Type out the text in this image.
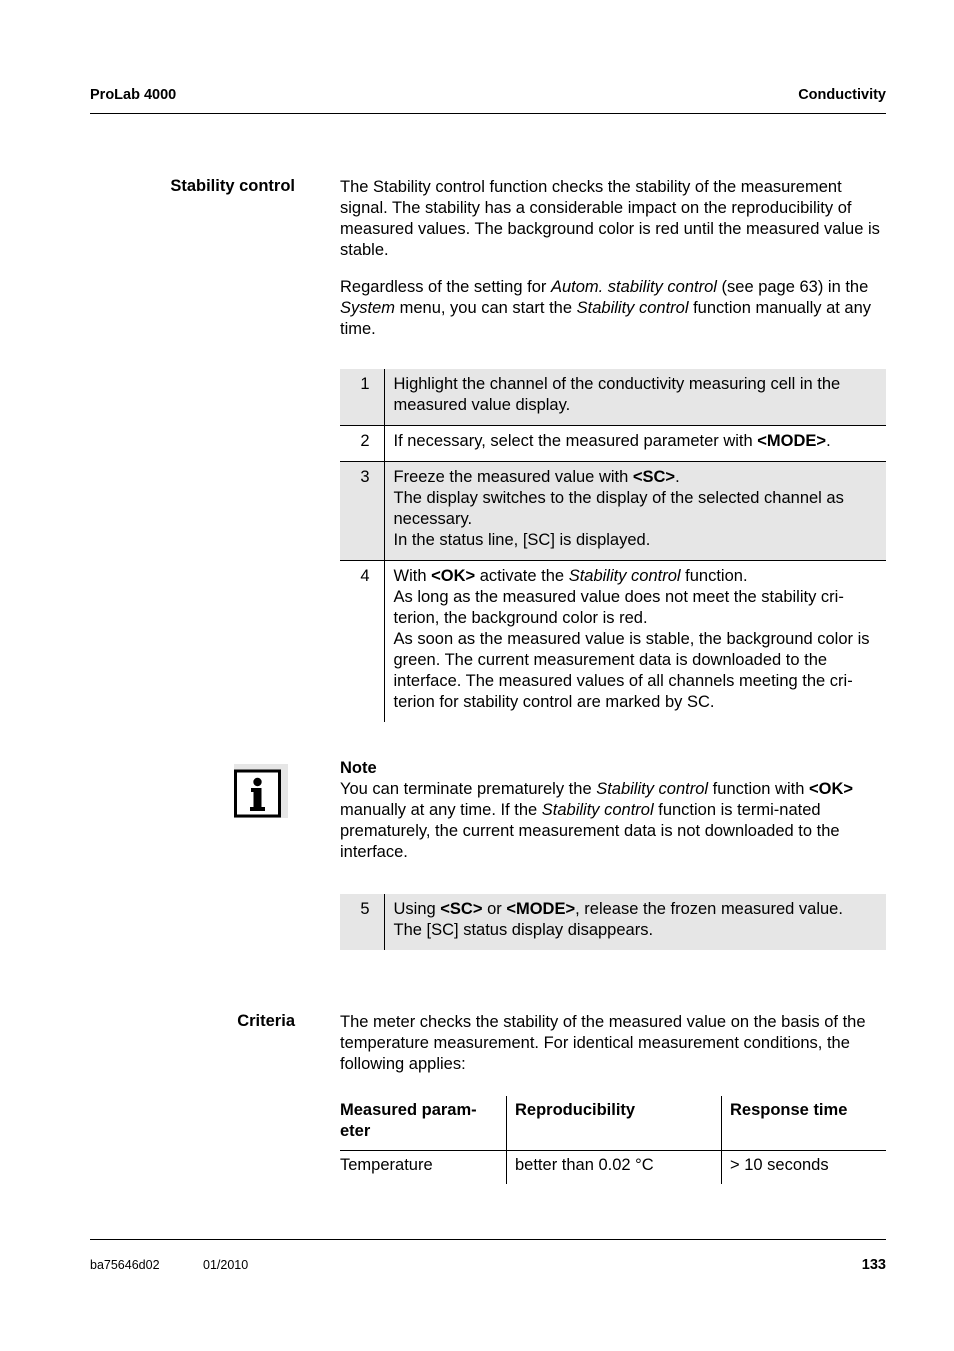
ProLab 4000	Conductivity
Stability control	The Stability control function checks the stability of the measurement signal. The stability has a considerable impact on the reproducibility of measured values. The background color is red until the measured value is stable.

Regardless of the setting for Autom. stability control (see page 63) in the System menu, you can start the Stability control function manually at any time.

1	Highlight the channel of the conductivity measuring cell in the measured value display.
2	If necessary, select the measured parameter with <MODE>.
3	Freeze the measured value with <SC>.
The display switches to the display of the selected channel as necessary.
In the status line, [SC] is displayed.
4	With <OK> activate the Stability control function.
As long as the measured value does not meet the stability cri-terion, the background color is red.
As soon as the measured value is stable, the background color is green. The current measurement data is downloaded to the interface. The measured values of all channels meeting the cri-terion for stability control are marked by SC.

Note

You can terminate prematurely the Stability control function with <OK> manually at any time. If the Stability control function is termi-nated prematurely, the current measurement data is not downloaded to the interface.

5	Using <SC> or <MODE>, release the frozen measured value.
The [SC] status display disappears.
Criteria	The meter checks the stability of the measured value on the basis of the temperature measurement. For identical measurement conditions, the following applies:
Measured param-eter	Reproducibility	Response time
Temperature	better than 0.02 °C	> 10 seconds
ba75646d02	01/2010	133
